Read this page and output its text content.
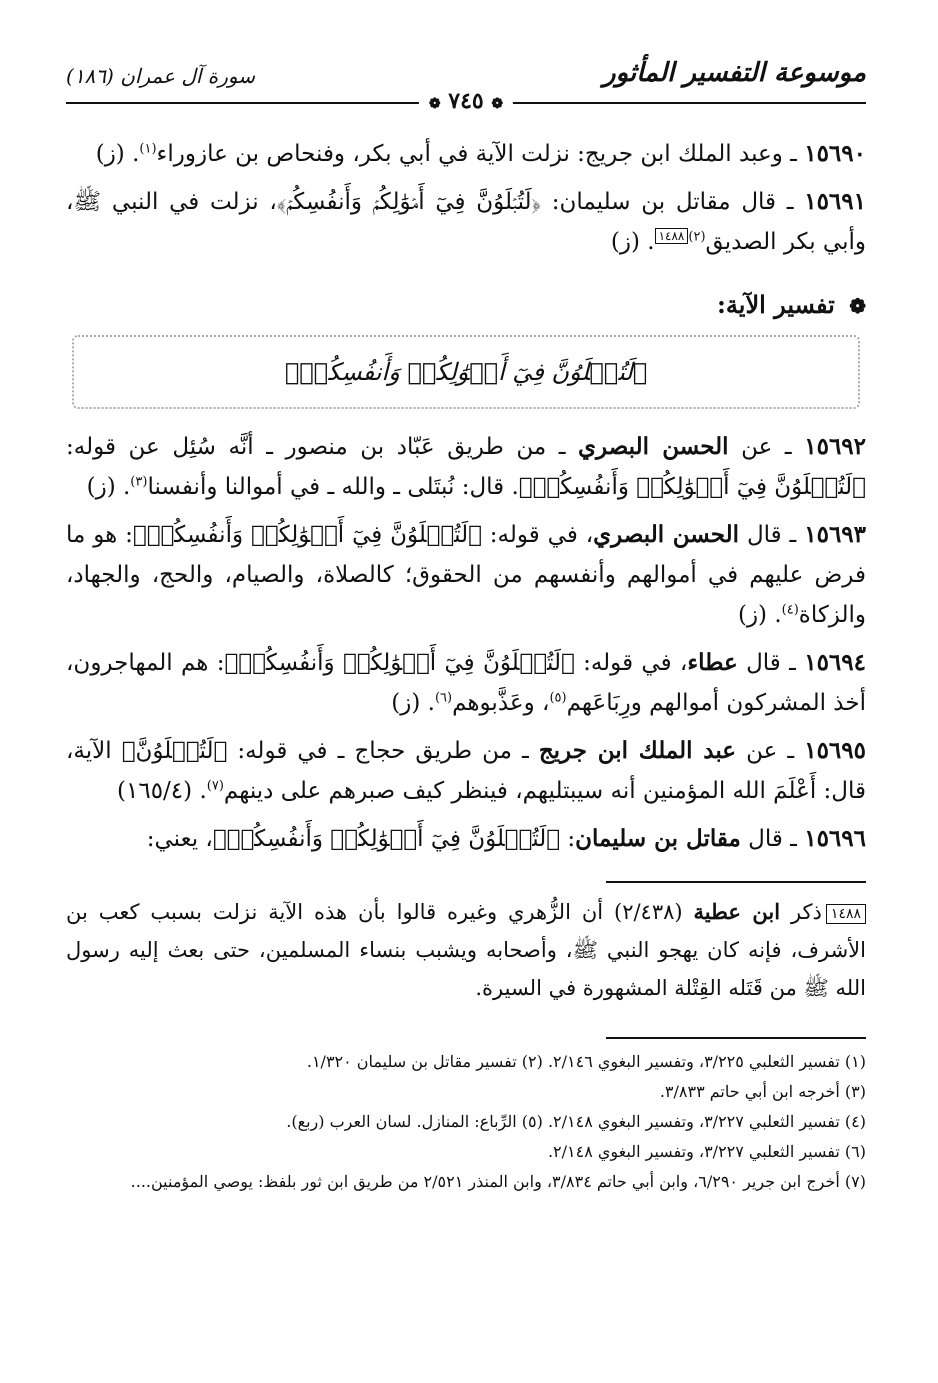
موسوعة التفسير المأثور
سورة آل عمران (١٨٦)
❁ ٧٤٥ ❁

١٥٦٩٠ ـ وعبد الملك ابن جريج: نزلت الآية في أبي بكر، وفنحاص بن عازوراء$^{(١)}$. (ز)

١٥٦٩١ ـ قال مقاتل بن سليمان: ﴿لَتُبۡلَوُنَّ فِيٓ أَمۡوَٰلِكُمۡ وَأَنفُسِكُمۡ﴾، نزلت في النبي ﷺ، وأبي بكر الصديق$^{(٢)}$١٤٨٨. (ز)

❁ تفسير الآية:
﴿لَتُبۡلَوُنَّ فِيٓ أَمۡوَٰلِكُمۡ وَأَنفُسِكُمۡ﴾

١٥٦٩٢ ـ عن الحسن البصري ـ من طريق عَبّاد بن منصور ـ أنَّه سُئِل عن قوله: ﴿لَتُبۡلَوُنَّ فِيٓ أَمۡوَٰلِكُمۡ وَأَنفُسِكُمۡ﴾. قال: نُبتَلى ـ والله ـ في أموالنا وأنفسنا$^{(٣)}$. (ز)

١٥٦٩٣ ـ قال الحسن البصري، في قوله: ﴿لَتُبۡلَوُنَّ فِيٓ أَمۡوَٰلِكُمۡ وَأَنفُسِكُمۡ﴾: هو ما فرض عليهم في أموالهم وأنفسهم من الحقوق؛ كالصلاة، والصيام، والحج، والجهاد، والزكاة$^{(٤)}$. (ز)

١٥٦٩٤ ـ قال عطاء، في قوله: ﴿لَتُبۡلَوُنَّ فِيٓ أَمۡوَٰلِكُمۡ وَأَنفُسِكُمۡ﴾: هم المهاجرون، أخذ المشركون أموالهم ورِبَاعَهم$^{(٥)}$، وعَذَّبوهم$^{(٦)}$. (ز)

١٥٦٩٥ ـ عن عبد الملك ابن جريج ـ من طريق حجاج ـ في قوله: ﴿لَتُبۡلَوُنَّ﴾ الآية، قال: أَعْلَمَ الله المؤمنين أنه سيبتليهم، فينظر كيف صبرهم على دينهم$^{(٧)}$. (١٦٥/٤)

١٥٦٩٦ ـ قال مقاتل بن سليمان: ﴿لَتُبۡلَوُنَّ فِيٓ أَمۡوَٰلِكُمۡ وَأَنفُسِكُمۡ﴾، يعني:

١٤٨٨ذكر ابن عطية (٢/٤٣٨) أن الزُّهري وغيره قالوا بأن هذه الآية نزلت بسبب كعب بن الأشرف، فإنه كان يهجو النبي ﷺ، وأصحابه ويشبب بنساء المسلمين، حتى بعث إليه رسول الله ﷺ من قَتَله القِتْلة المشهورة في السيرة.

(١) تفسير الثعلبي ٣/٢٢٥، وتفسير البغوي ٢/١٤٦. (٢) تفسير مقاتل بن سليمان ١/٣٢٠.

(٣) أخرجه ابن أبي حاتم ٣/٨٣٣.

(٤) تفسير الثعلبي ٣/٢٢٧، وتفسير البغوي ٢/١٤٨. (٥) الرِّباع: المنازل. لسان العرب (ربع).

(٦) تفسير الثعلبي ٣/٢٢٧، وتفسير البغوي ٢/١٤٨.

(٧) أخرج ابن جرير ٦/٢٩٠، وابن أبي حاتم ٣/٨٣٤، وابن المنذر ٢/٥٢١ من طريق ابن ثور بلفظ: يوصي المؤمنين....
